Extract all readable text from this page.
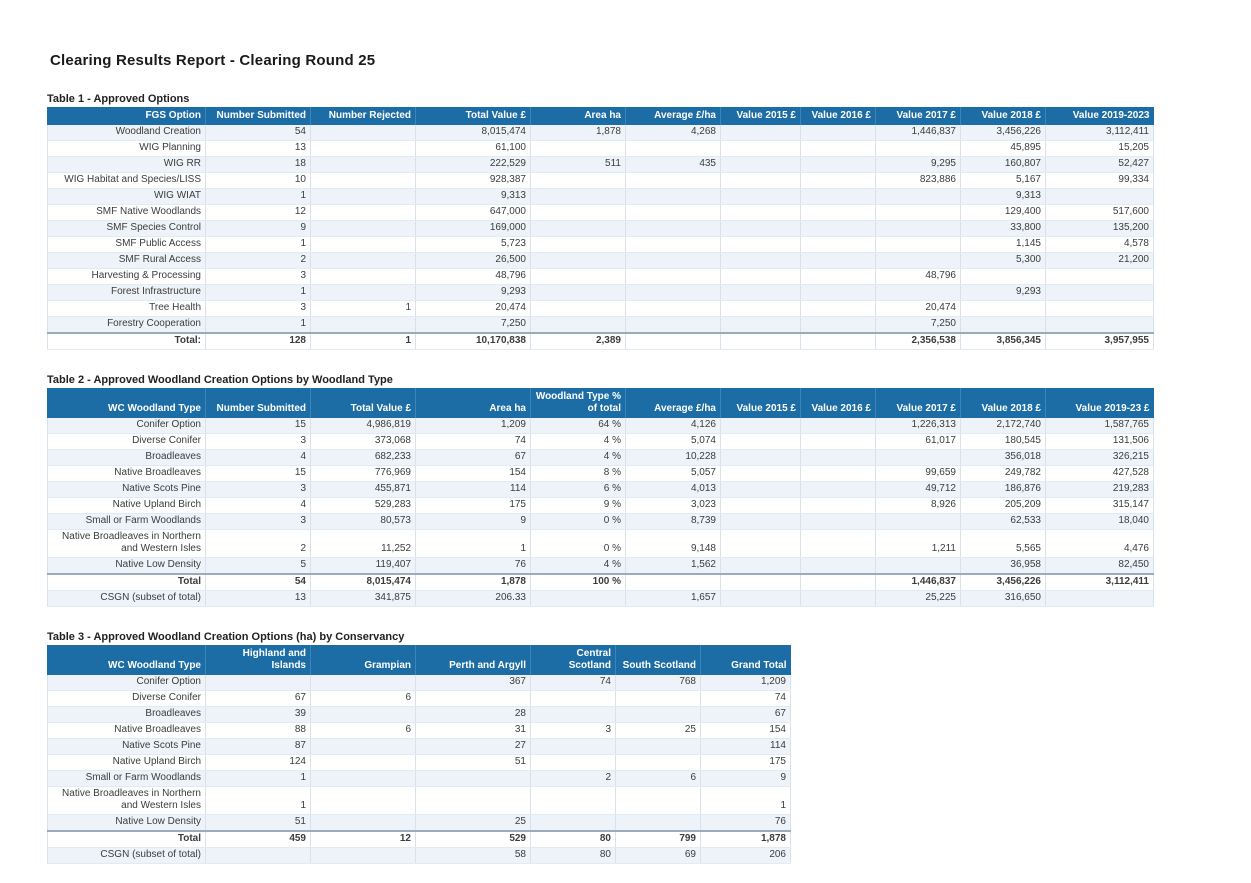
Clearing Results Report - Clearing Round 25
Table 1 - Approved Options
FGS Option	Number Submitted	Number Rejected	Total Value £	Area ha	Average £/ha	Value 2015 £	Value 2016 £	Value 2017 £	Value 2018 £	Value 2019-2023
Woodland Creation	54		8,015,474	1,878	4,268			1,446,837	3,456,226	3,112,411
WIG Planning	13		61,100						45,895	15,205
WIG RR	18		222,529	511	435			9,295	160,807	52,427
WIG Habitat and Species/LISS	10		928,387					823,886	5,167	99,334
WIG WIAT	1		9,313						9,313	
SMF Native Woodlands	12		647,000						129,400	517,600
SMF Species Control	9		169,000						33,800	135,200
SMF Public Access	1		5,723						1,145	4,578
SMF Rural Access	2		26,500						5,300	21,200
Harvesting & Processing	3		48,796					48,796		
Forest Infrastructure	1		9,293						9,293	
Tree Health	3	1	20,474					20,474		
Forestry Cooperation	1		7,250					7,250		
Total:	128	1	10,170,838	2,389				2,356,538	3,856,345	3,957,955
Table 2 - Approved Woodland Creation Options by Woodland Type
WC Woodland Type	Number Submitted	Total Value £	Area ha	Woodland Type % of total	Average £/ha	Value 2015 £	Value 2016 £	Value 2017 £	Value 2018 £	Value 2019-23 £
Conifer Option	15	4,986,819	1,209	64 %	4,126			1,226,313	2,172,740	1,587,765
Diverse Conifer	3	373,068	74	4 %	5,074			61,017	180,545	131,506
Broadleaves	4	682,233	67	4 %	10,228				356,018	326,215
Native Broadleaves	15	776,969	154	8 %	5,057			99,659	249,782	427,528
Native Scots Pine	3	455,871	114	6 %	4,013			49,712	186,876	219,283
Native Upland Birch	4	529,283	175	9 %	3,023			8,926	205,209	315,147
Small or Farm Woodlands	3	80,573	9	0 %	8,739				62,533	18,040
Native Broadleaves in Northern and Western Isles	2	11,252	1	0 %	9,148			1,211	5,565	4,476
Native Low Density	5	119,407	76	4 %	1,562				36,958	82,450
Total	54	8,015,474	1,878	100 %				1,446,837	3,456,226	3,112,411
CSGN (subset of total)	13	341,875	206.33		1,657			25,225	316,650	
Table 3 - Approved Woodland Creation Options (ha) by Conservancy
WC Woodland Type	Highland and Islands	Grampian	Perth and Argyll	Central Scotland	South Scotland	Grand Total
Conifer Option			367	74	768	1,209
Diverse Conifer	67	6				74
Broadleaves	39		28			67
Native Broadleaves	88	6	31	3	25	154
Native Scots Pine	87		27			114
Native Upland Birch	124		51			175
Small or Farm Woodlands	1			2	6	9
Native Broadleaves in Northern and Western Isles	1					1
Native Low Density	51		25			76
Total	459	12	529	80	799	1,878
CSGN (subset of total)			58	80	69	206
